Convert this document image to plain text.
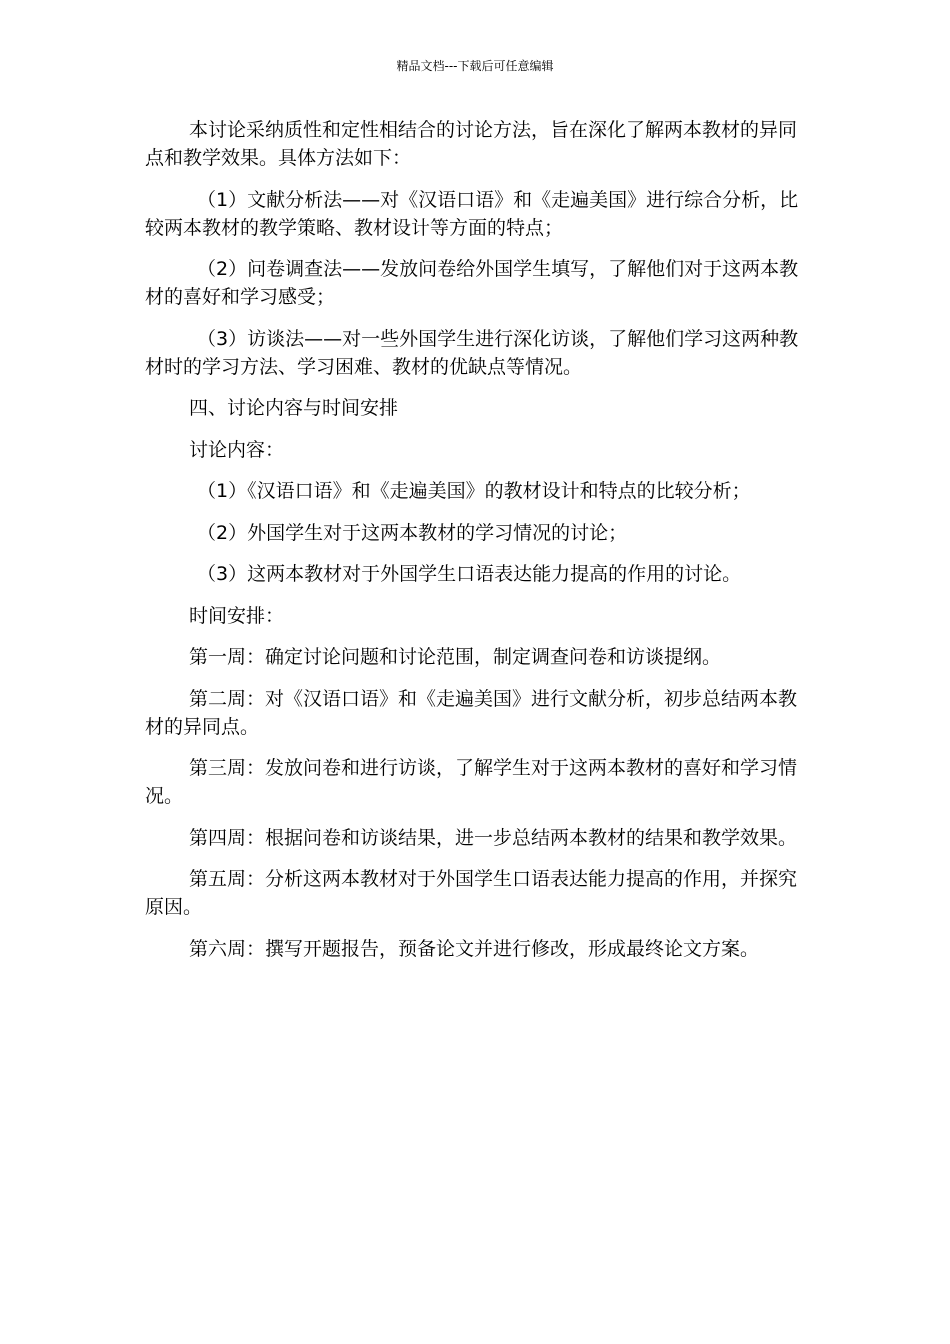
精品文档---下载后可任意编辑

本讨论采纳质性和定性相结合的讨论方法，旨在深化了解两本教材的异同点和教学效果。具体方法如下：

（1）文献分析法——对《汉语口语》和《走遍美国》进行综合分析，比较两本教材的教学策略、教材设计等方面的特点；

（2）问卷调查法——发放问卷给外国学生填写，了解他们对于这两本教材的喜好和学习感受；

（3）访谈法——对一些外国学生进行深化访谈，了解他们学习这两种教材时的学习方法、学习困难、教材的优缺点等情况。

四、讨论内容与时间安排

讨论内容：

（1）《汉语口语》和《走遍美国》的教材设计和特点的比较分析；

（2）外国学生对于这两本教材的学习情况的讨论；

（3）这两本教材对于外国学生口语表达能力提高的作用的讨论。

时间安排：

第一周：确定讨论问题和讨论范围，制定调查问卷和访谈提纲。

第二周：对《汉语口语》和《走遍美国》进行文献分析，初步总结两本教材的异同点。

第三周：发放问卷和进行访谈，了解学生对于这两本教材的喜好和学习情况。

第四周：根据问卷和访谈结果，进一步总结两本教材的结果和教学效果。

第五周：分析这两本教材对于外国学生口语表达能力提高的作用，并探究原因。

第六周：撰写开题报告，预备论文并进行修改，形成最终论文方案。
